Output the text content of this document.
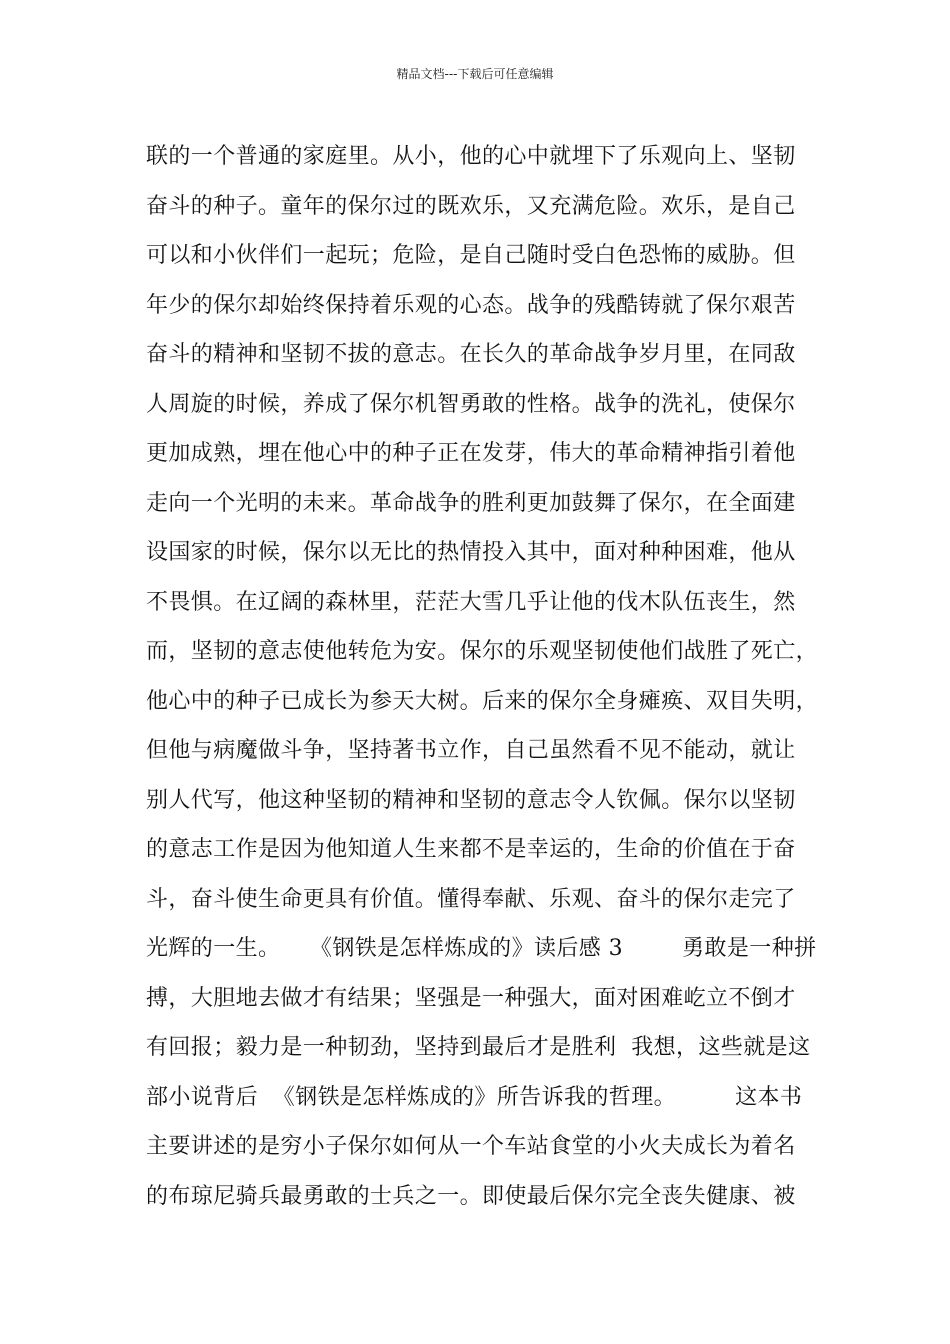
精品文档---下载后可任意编辑
联的一个普通的家庭里。从小，他的心中就埋下了乐观向上、坚韧
奋斗的种子。童年的保尔过的既欢乐，又充满危险。欢乐，是自己
可以和小伙伴们一起玩；危险，是自己随时受白色恐怖的威胁。但
年少的保尔却始终保持着乐观的心态。战争的残酷铸就了保尔艰苦
奋斗的精神和坚韧不拔的意志。在长久的革命战争岁月里，在同敌
人周旋的时候，养成了保尔机智勇敢的性格。战争的洗礼，使保尔
更加成熟，埋在他心中的种子正在发芽，伟大的革命精神指引着他
走向一个光明的未来。革命战争的胜利更加鼓舞了保尔，在全面建
设国家的时候，保尔以无比的热情投入其中，面对种种困难，他从
不畏惧。在辽阔的森林里，茫茫大雪几乎让他的伐木队伍丧生，然
而，坚韧的意志使他转危为安。保尔的乐观坚韧使他们战胜了死亡，
他心中的种子已成长为参天大树。后来的保尔全身瘫痪、双目失明，
但他与病魔做斗争，坚持著书立作，自己虽然看不见不能动，就让
别人代写，他这种坚韧的精神和坚韧的意志令人钦佩。保尔以坚韧
的意志工作是因为他知道人生来都不是幸运的，生命的价值在于奋
斗，奋斗使生命更具有价值。懂得奉献、乐观、奋斗的保尔走完了
光辉的一生。    《钢铁是怎样炼成的》读后感 3        勇敢是一种拼
搏，大胆地去做才有结果；坚强是一种强大，面对困难屹立不倒才
有回报；毅力是一种韧劲，坚持到最后才是胜利  我想，这些就是这
部小说背后  《钢铁是怎样炼成的》所告诉我的哲理。        这本书
主要讲述的是穷小子保尔如何从一个车站食堂的小火夫成长为着名
的布琼尼骑兵最勇敢的士兵之一。即使最后保尔完全丧失健康、被
